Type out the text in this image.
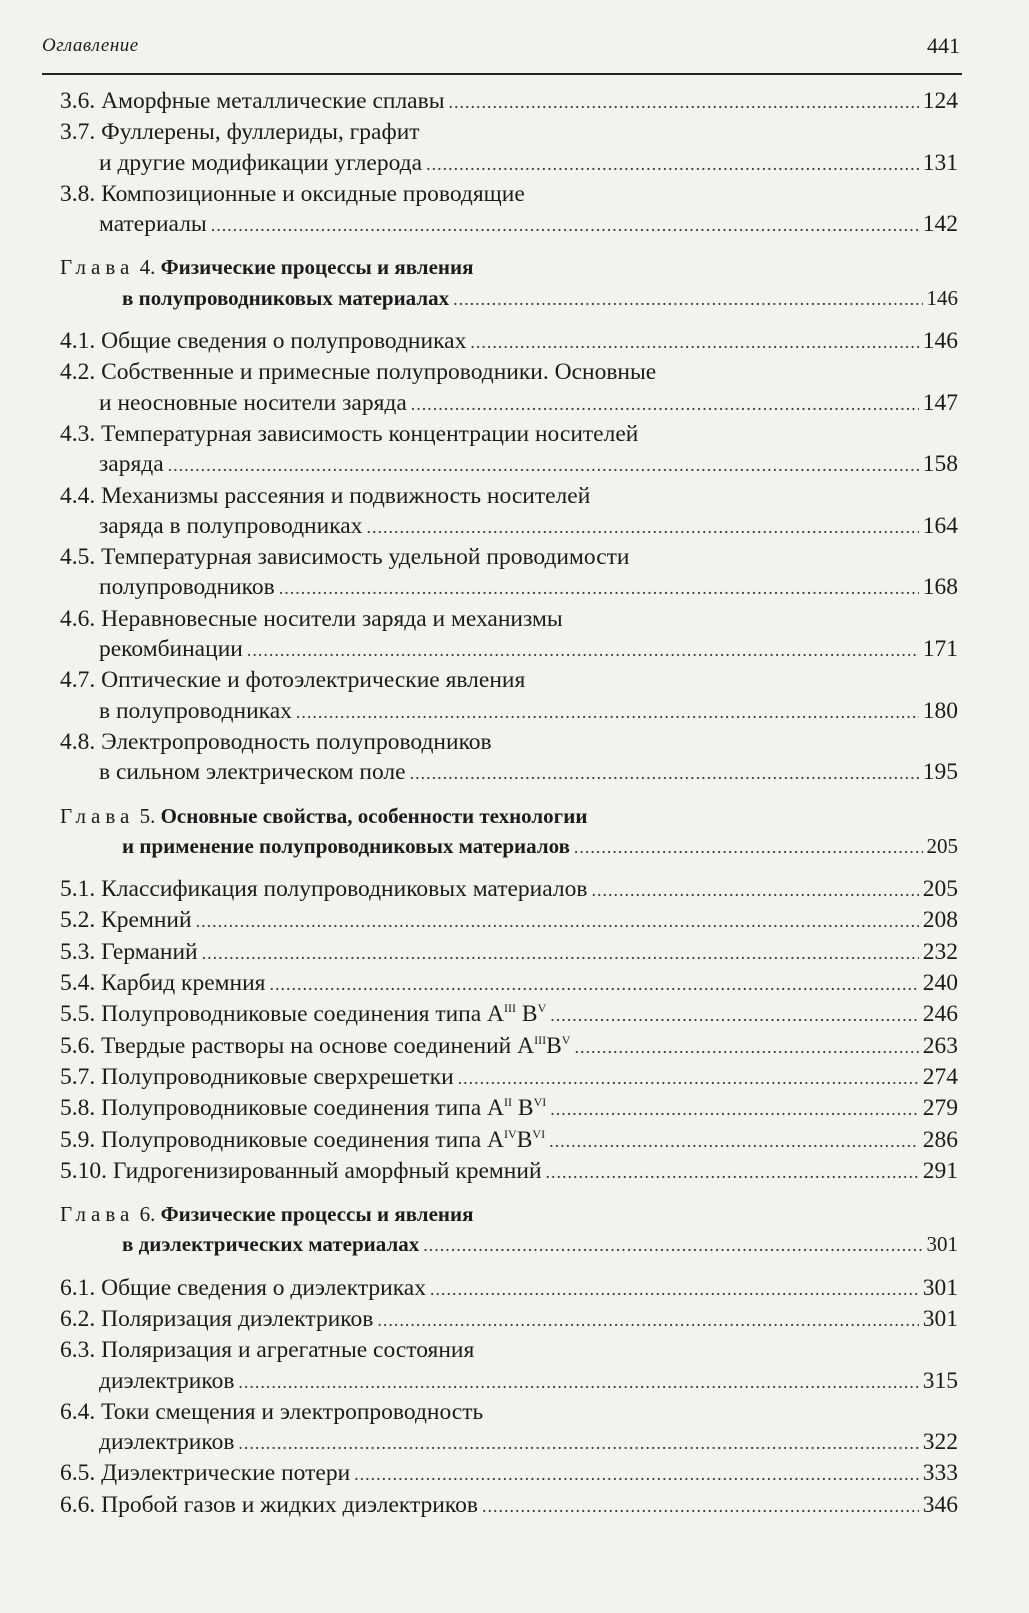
Оглавление	441
3.6. Аморфные металлические сплавы .....	124
3.7. Фуллерены, фуллериды, графит
и другие модификации углерода .....	131
3.8. Композиционные и оксидные проводящие
материалы .....	142
Глава 4. Физические процессы и явления
в полупроводниковых материалах .....	146
4.1. Общие сведения о полупроводниках .....	146
4.2. Собственные и примесные полупроводники. Основные
и неосновные носители заряда .....	147
4.3. Температурная зависимость концентрации носителей
заряда .....	158
4.4. Механизмы рассеяния и подвижность носителей
заряда в полупроводниках .....	164
4.5. Температурная зависимость удельной проводимости
полупроводников .....	168
4.6. Неравновесные носители заряда и механизмы
рекомбинации .....	171
4.7. Оптические и фотоэлектрические явления
в полупроводниках .....	180
4.8. Электропроводность полупроводников
в сильном электрическом поле .....	195
Глава 5. Основные свойства, особенности технологии
и применение полупроводниковых материалов .....	205
5.1. Классификация полупроводниковых материалов .....	205
5.2. Кремний .....	208
5.3. Германий .....	232
5.4. Карбид кремния .....	240
5.5. Полупроводниковые соединения типа $A^{III}$ $B^V$ .....	246
5.6. Твердые растворы на основе соединений $A^{III}B^V$ .....	263
5.7. Полупроводниковые сверхрешетки .....	274
5.8. Полупроводниковые соединения типа $A^{II}$ $B^{VI}$ .....	279
5.9. Полупроводниковые соединения типа $A^{IV}B^{VI}$ .....	286
5.10. Гидрогенизированный аморфный кремний .....	291
Глава 6. Физические процессы и явления
в диэлектрических материалах .....	301
6.1. Общие сведения о диэлектриках .....	301
6.2. Поляризация диэлектриков .....	301
6.3. Поляризация и агрегатные состояния
диэлектриков .....	315
6.4. Токи смещения и электропроводность
диэлектриков .....	322
6.5. Диэлектрические потери .....	333
6.6. Пробой газов и жидких диэлектриков .....	346
